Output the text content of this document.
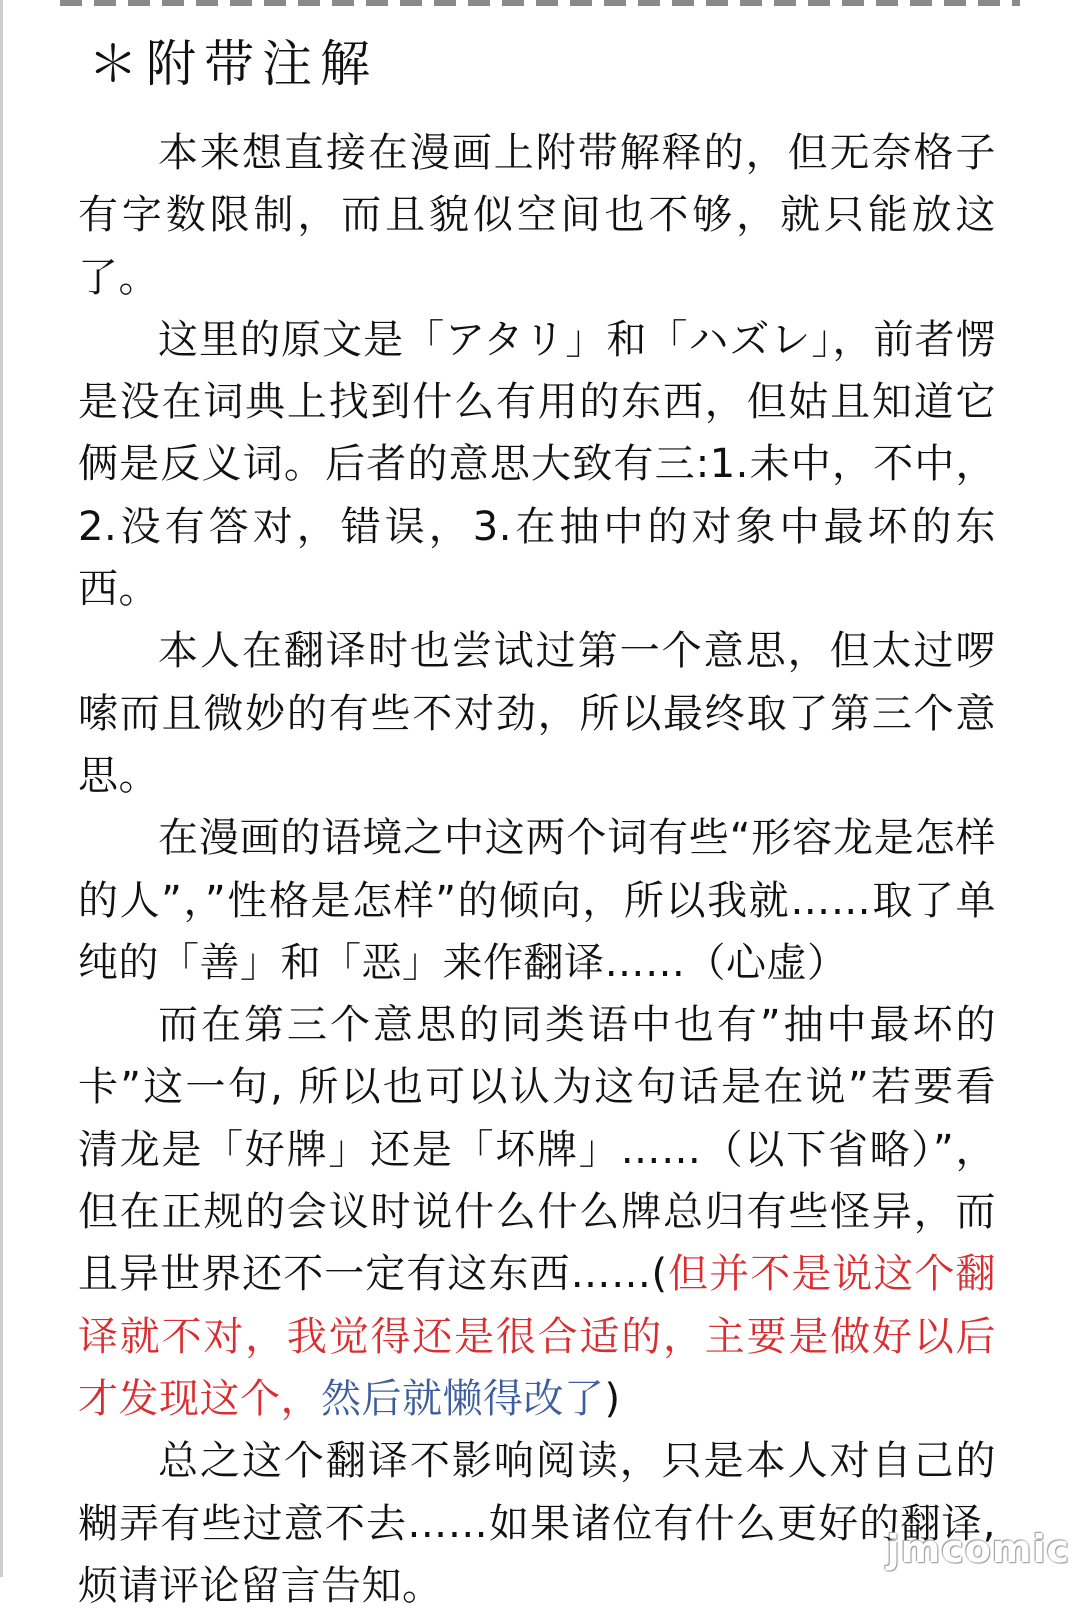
＊附带注解

本来想直接在漫画上附带解释的，但无奈格子有字数限制，而且貌似空间也不够，就只能放这了。

这里的原文是「アタリ」和「ハズレ」，前者愣是没在词典上找到什么有用的东西，但姑且知道它俩是反义词。后者的意思大致有三:1.未中，不中，2.没有答对，错误，3.在抽中的对象中最坏的东西。

本人在翻译时也尝试过第一个意思，但太过啰嗦而且微妙的有些不对劲，所以最终取了第三个意思。

在漫画的语境之中这两个词有些“形容龙是怎样的人”，”性格是怎样”的倾向，所以我就……取了单纯的「善」和「恶」来作翻译……（心虚）

而在第三个意思的同类语中也有”抽中最坏的卡”这一句, 所以也可以认为这句话是在说”若要看清龙是「好牌」还是「坏牌」……（以下省略）”，但在正规的会议时说什么什么牌总归有些怪异，而且异世界还不一定有这东西……(但并不是说这个翻译就不对，我觉得还是很合适的，主要是做好以后才发现这个，然后就懒得改了)

总之这个翻译不影响阅读，只是本人对自己的糊弄有些过意不去……如果诸位有什么更好的翻译, 烦请评论留言告知。

jmcomic
